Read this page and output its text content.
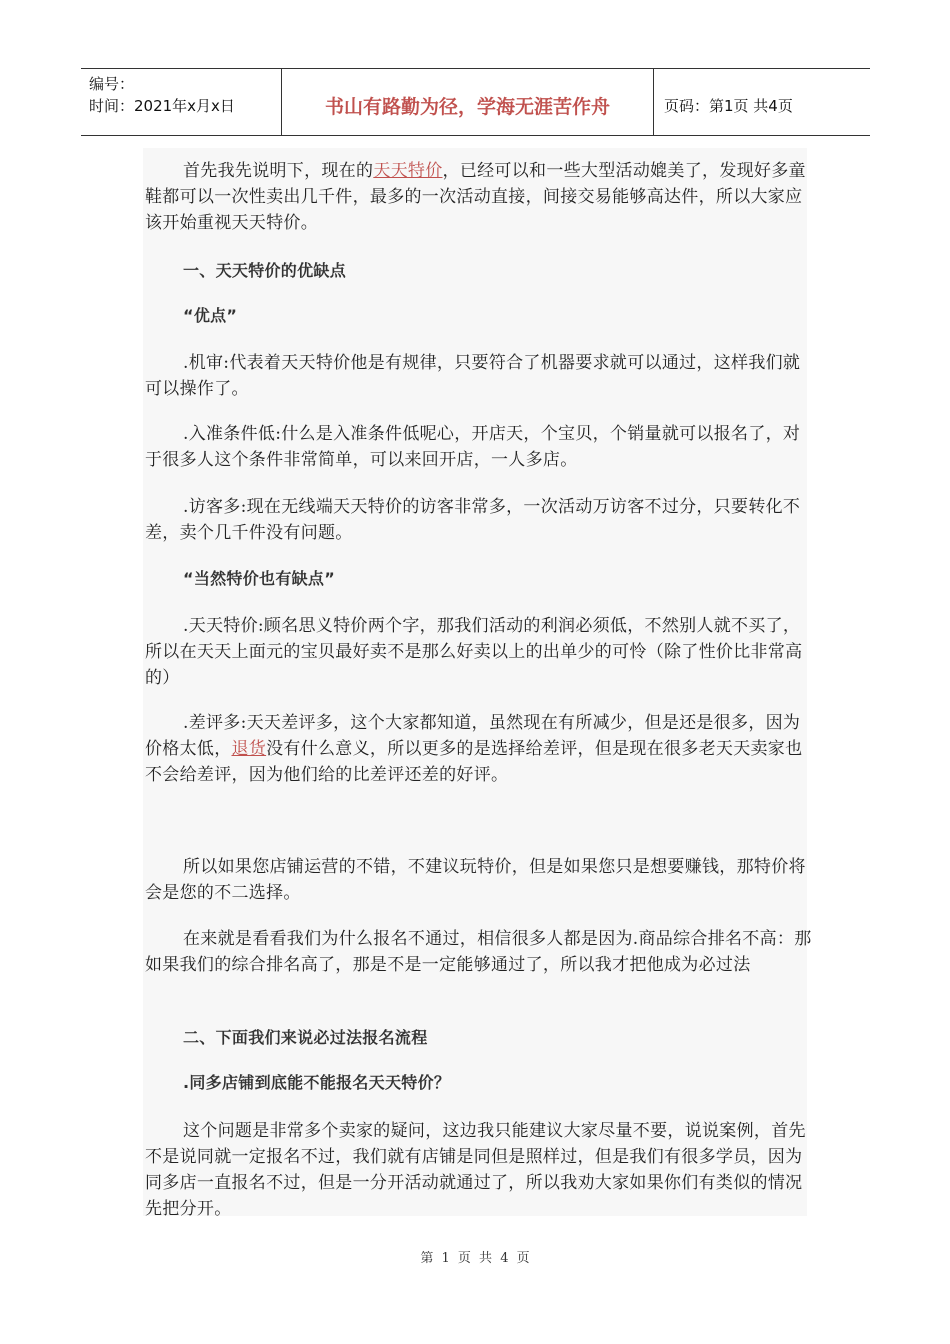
编号：
时间：2021年x月x日	书山有路勤为径，学海无涯苦作舟	页码：第1页 共4页

首先我先说明下，现在的天天特价，已经可以和一些大型活动媲美了，发现好多童鞋都可以一次性卖出几千件，最多的一次活动直接，间接交易能够高达件，所以大家应该开始重视天天特价。

一、天天特价的优缺点

“优点”

.机审:代表着天天特价他是有规律，只要符合了机器要求就可以通过，这样我们就可以操作了。

.入准条件低:什么是入准条件低呢心，开店天，个宝贝，个销量就可以报名了，对于很多人这个条件非常简单，可以来回开店，一人多店。

.访客多:现在无线端天天特价的访客非常多，一次活动万访客不过分，只要转化不差，卖个几千件没有问题。

“当然特价也有缺点”

.天天特价:顾名思义特价两个字，那我们活动的利润必须低，不然别人就不买了，所以在天天上面元的宝贝最好卖不是那么好卖以上的出单少的可怜（除了性价比非常高的）

.差评多:天天差评多，这个大家都知道，虽然现在有所减少，但是还是很多，因为价格太低，退货没有什么意义，所以更多的是选择给差评，但是现在很多老天天卖家也不会给差评，因为他们给的比差评还差的好评。

所以如果您店铺运营的不错，不建议玩特价，但是如果您只是想要赚钱，那特价将会是您的不二选择。

在来就是看看我们为什么报名不通过，相信很多人都是因为.商品综合排名不高：那如果我们的综合排名高了，那是不是一定能够通过了，所以我才把他成为必过法

二、下面我们来说必过法报名流程

.同多店铺到底能不能报名天天特价？

这个问题是非常多个卖家的疑问，这边我只能建议大家尽量不要，说说案例，首先不是说同就一定报名不过，我们就有店铺是同但是照样过，但是我们有很多学员，因为同多店一直报名不过，但是一分开活动就通过了，所以我劝大家如果你们有类似的情况先把分开。

第 1 页 共 4 页
